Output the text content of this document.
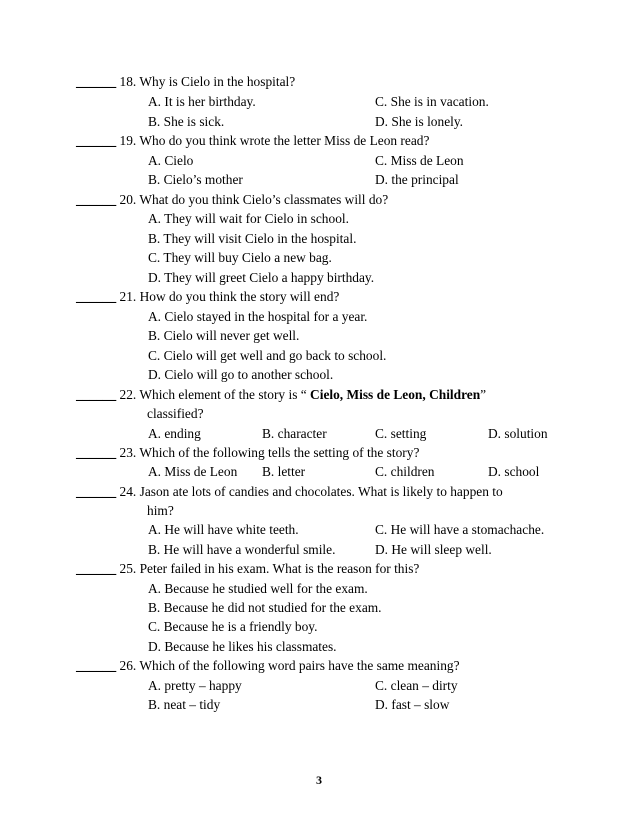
______ 18. Why is Cielo in the hospital?
A. It is her birthday.	C. She is in vacation.
B. She is sick.	D. She is lonely.
______ 19. Who do you think wrote the letter Miss de Leon read?
A. Cielo	C. Miss de Leon
B. Cielo’s mother	D. the principal
______ 20. What do you think Cielo’s classmates will do?
A. They will wait for Cielo in school.
B. They will visit Cielo in the hospital.
C. They will buy Cielo a new bag.
D. They will greet Cielo a happy birthday.
______ 21. How do you think the story will end?
A. Cielo stayed in the hospital for a year.
B. Cielo will never get well.
C. Cielo will get well and go back to school.
D. Cielo will go to another school.
______ 22. Which element of the story is “ Cielo, Miss de Leon, Children”
classified?
A. ending	B. character	C. setting	D. solution
______ 23. Which of the following tells the setting of the story?
A. Miss de Leon B. letter	C. children	D. school
______ 24. Jason ate lots of candies and chocolates. What is likely to happen to
him?
A. He will have white teeth.	C. He will have a stomachache.
B. He will have a wonderful smile.	D. He will sleep well.
______ 25. Peter failed in his exam. What is the reason for this?
A. Because he studied well for the exam.
B. Because he did not studied for the exam.
C. Because he is a friendly boy.
D. Because he likes his classmates.
______ 26. Which of the following word pairs have the same meaning?
A. pretty – happy	C. clean – dirty
B. neat – tidy	D. fast – slow
3
